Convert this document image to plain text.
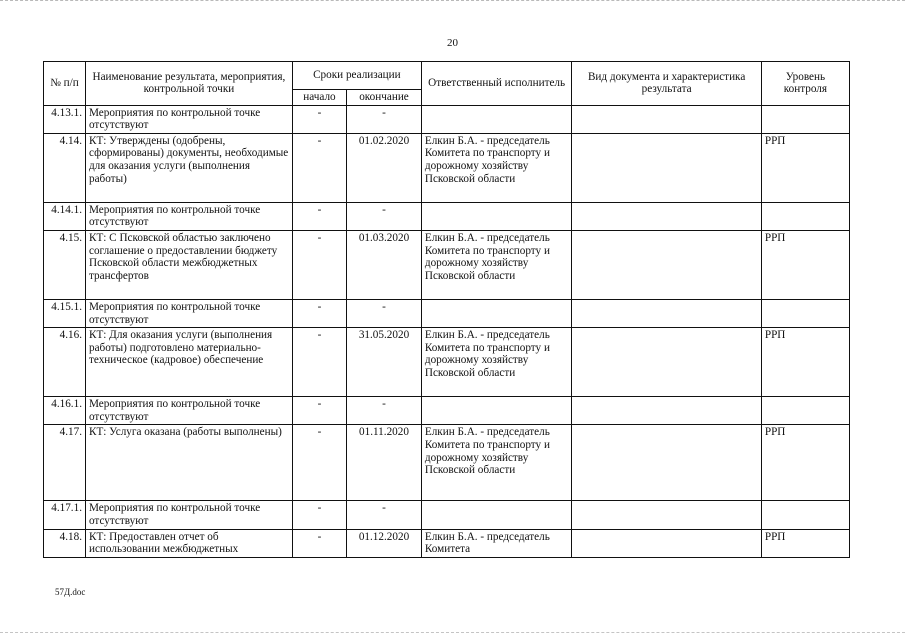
20
№ п/п	Наименование результата, мероприятия, контрольной точки	Сроки реализации		Ответственный исполнитель	Вид документа и характеристика результата	Уровень контроля
		начало	окончание			
4.13.1.	Мероприятия по контрольной точке отсутствуют	-	-			
4.14.	КТ: Утверждены (одобрены, сформированы) документы, необходимые для оказания услуги (выполнения работы)	-	01.02.2020	Елкин Б.А. - председатель Комитета по транспорту и дорожному хозяйству Псковской области		РРП
4.14.1.	Мероприятия по контрольной точке отсутствуют	-	-			
4.15.	КТ: С Псковской областью заключено соглашение о предоставлении бюджету Псковской области межбюджетных трансфертов	-	01.03.2020	Елкин Б.А. - председатель Комитета по транспорту и дорожному хозяйству Псковской области		РРП
4.15.1.	Мероприятия по контрольной точке отсутствуют	-	-			
4.16.	КТ: Для оказания услуги (выполнения работы) подготовлено материально-техническое (кадровое) обеспечение	-	31.05.2020	Елкин Б.А. - председатель Комитета по транспорту и дорожному хозяйству Псковской области		РРП
4.16.1.	Мероприятия по контрольной точке отсутствуют	-	-			
4.17.	КТ: Услуга оказана (работы выполнены)	-	01.11.2020	Елкин Б.А. - председатель Комитета по транспорту и дорожному хозяйству Псковской области		РРП
4.17.1.	Мероприятия по контрольной точке отсутствуют	-	-			
4.18.	КТ: Предоставлен отчет об использовании межбюджетных	-	01.12.2020	Елкин Б.А. - председатель Комитета		РРП
57Д.doc
